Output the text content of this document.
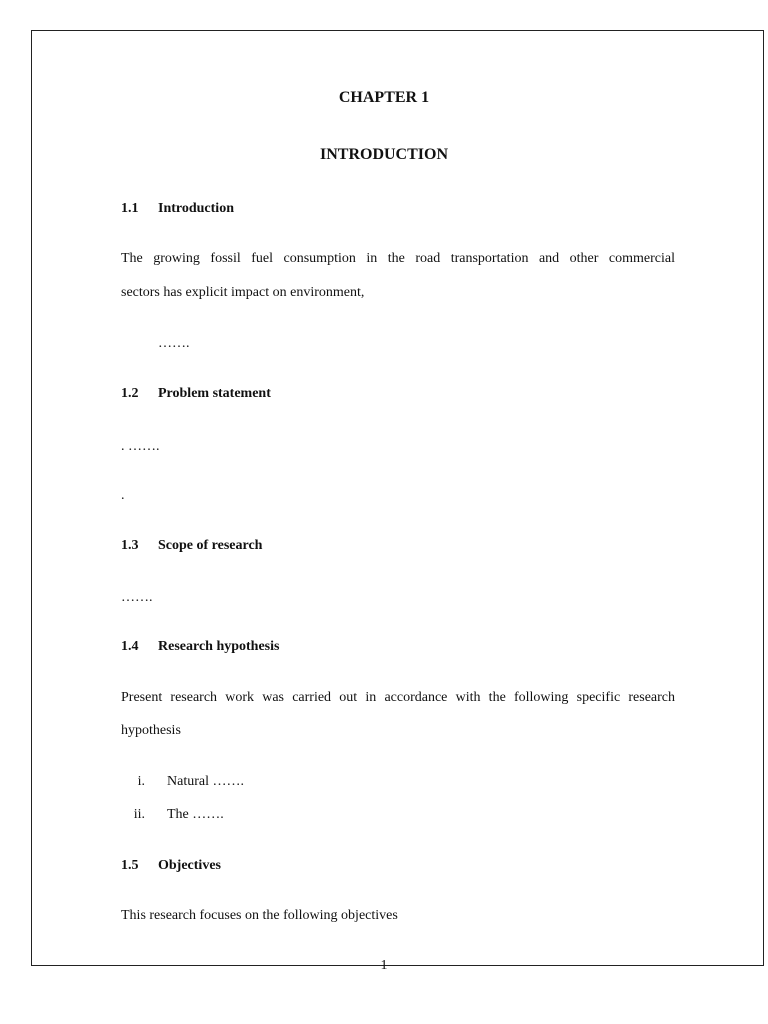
CHAPTER 1
INTRODUCTION
1.1 Introduction

The growing fossil fuel consumption in the road transportation and other commercial

sectors has explicit impact on environment,

…….

1.2 Problem statement

. …….

.

1.3 Scope of research

…….

1.4 Research hypothesis

Present research work was carried out in accordance with the following specific research

hypothesis

i. Natural …….
ii. The …….
1.5 Objectives

This research focuses on the following objectives

1
